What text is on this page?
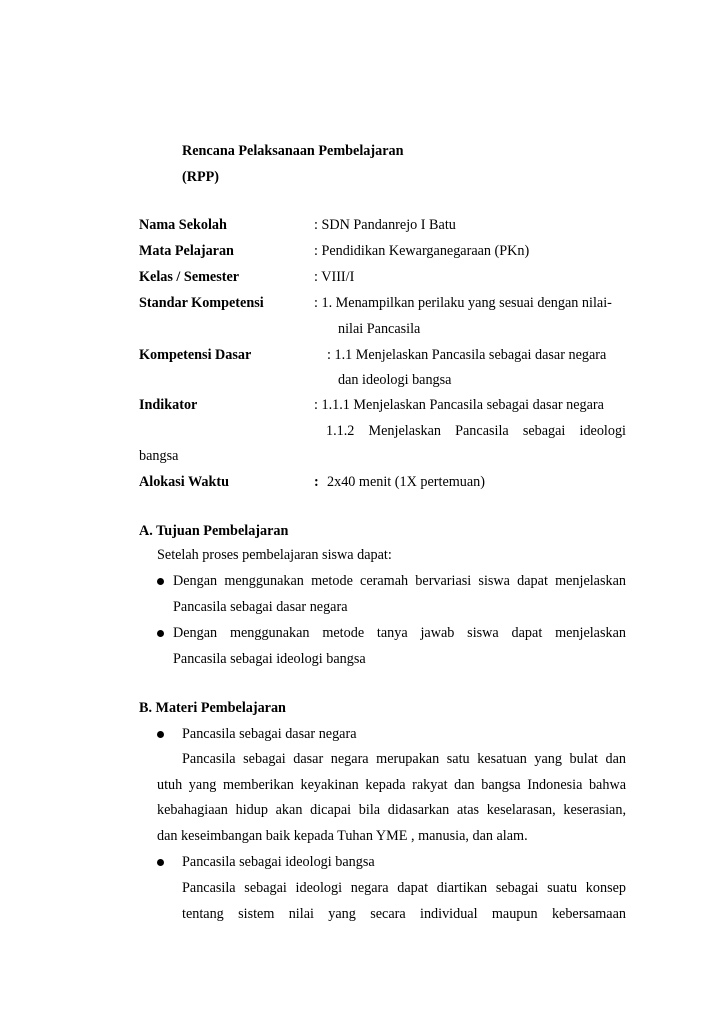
Rencana Pelaksanaan Pembelajaran
(RPP)
Nama Sekolah	: SDN Pandanrejo I Batu
Mata Pelajaran	: Pendidikan Kewarganegaraan (PKn)
Kelas / Semester	: VIII/I
Standar Kompetensi	: 1. Menampilkan perilaku yang sesuai dengan nilai-
nilai Pancasila
Kompetensi Dasar	: 1.1 Menjelaskan Pancasila sebagai dasar negara
dan ideologi bangsa
Indikator	: 1.1.1 Menjelaskan Pancasila sebagai dasar negara
1.1.2 Menjelaskan Pancasila sebagai ideologi
bangsa
Alokasi Waktu	: 2x40 menit (1X pertemuan)
A. Tujuan Pembelajaran
Setelah proses pembelajaran siswa dapat:
Dengan menggunakan metode ceramah bervariasi siswa dapat menjelaskan
Pancasila sebagai dasar negara
Dengan menggunakan metode tanya jawab siswa dapat menjelaskan
Pancasila sebagai ideologi bangsa
B. Materi Pembelajaran
Pancasila sebagai dasar negara
Pancasila sebagai dasar negara merupakan satu kesatuan yang bulat dan
utuh yang memberikan keyakinan kepada rakyat dan bangsa Indonesia bahwa
kebahagiaan hidup akan dicapai bila didasarkan atas keselarasan, keserasian,
dan keseimbangan baik kepada Tuhan YME , manusia, dan alam.
Pancasila sebagai ideologi bangsa
Pancasila sebagai ideologi negara dapat diartikan sebagai suatu konsep
tentang sistem nilai yang secara individual maupun kebersamaan
